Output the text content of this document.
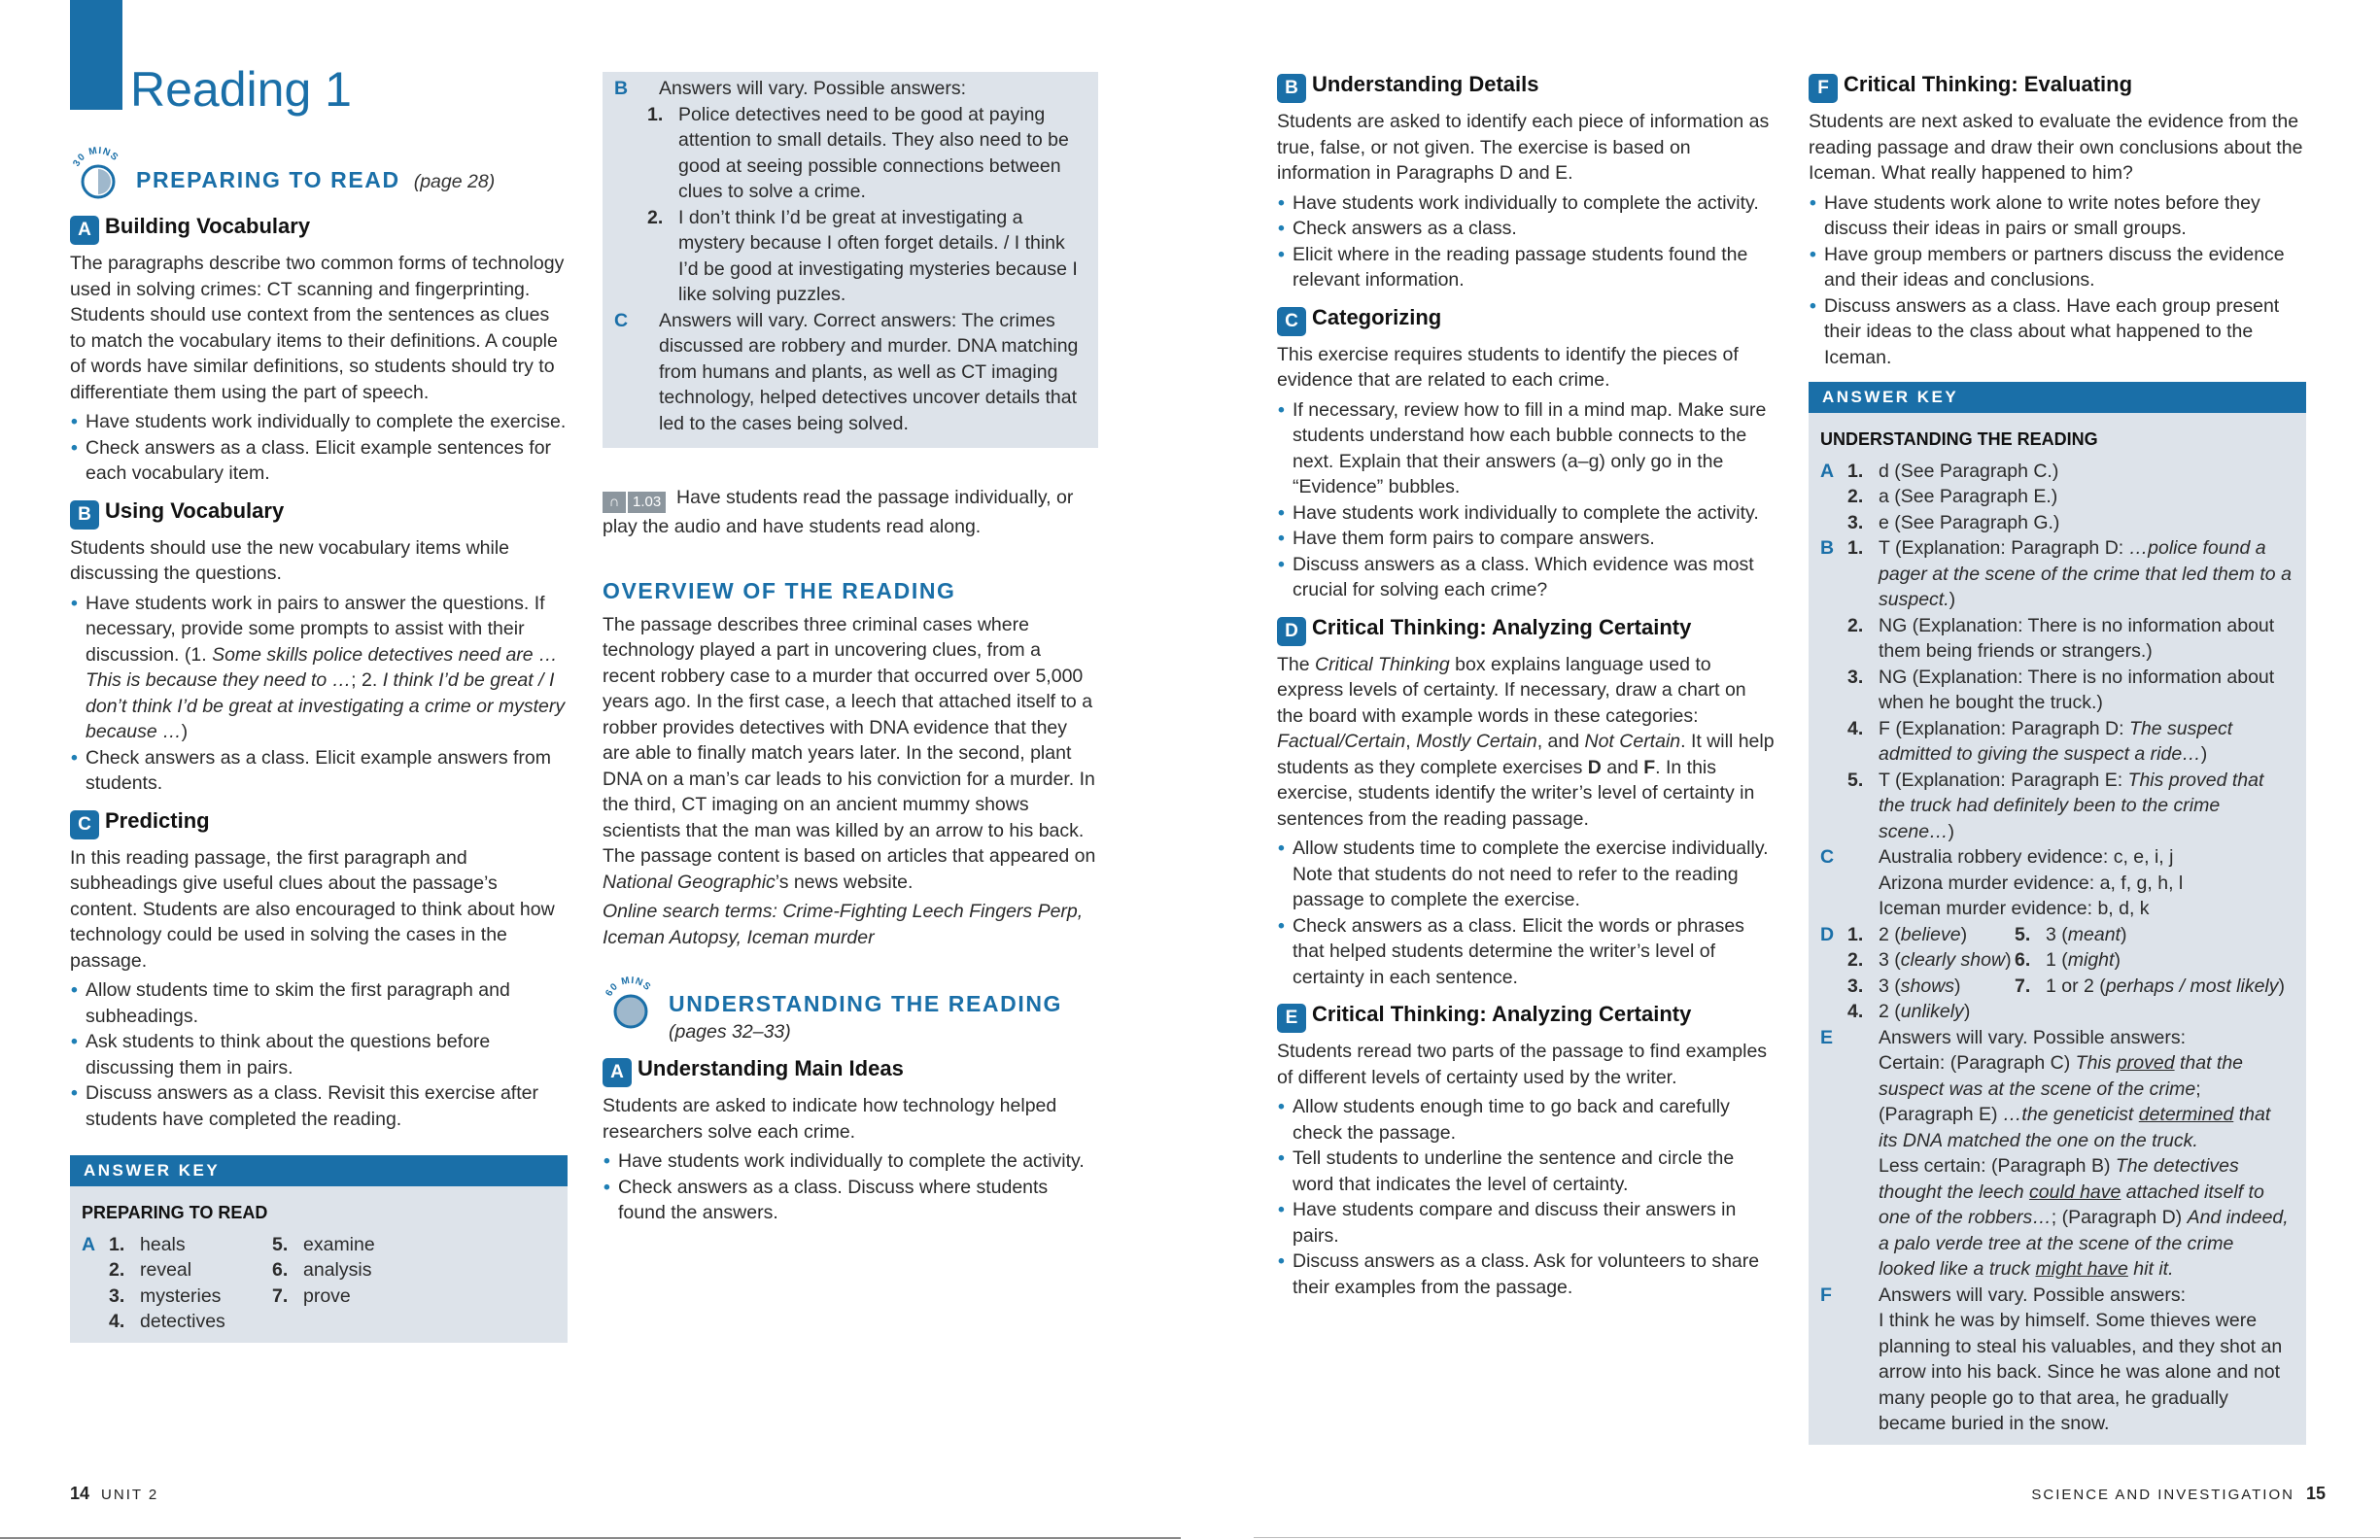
Reading 1
30 MINS
PREPARING TO READ (page 28)
A Building Vocabulary

The paragraphs describe two common forms of technology used in solving crimes: CT scanning and fingerprinting. Students should use context from the sentences as clues to match the vocabulary items to their definitions. A couple of words have similar definitions, so students should try to differentiate them using the part of speech.

• Have students work individually to complete the exercise.
• Check answers as a class. Elicit example sentences for each vocabulary item.
B Using Vocabulary

Students should use the new vocabulary items while discussing the questions.

• Have students work in pairs to answer the questions. If necessary, provide some prompts to assist with their discussion. (1. Some skills police detectives need are … This is because they need to …; 2. I think I’d be great / I don’t think I’d be great at investigating a crime or mystery because …)
• Check answers as a class. Elicit example answers from students.
C Predicting

In this reading passage, the first paragraph and subheadings give useful clues about the passage’s content. Students are also encouraged to think about how technology could be used in solving the cases in the passage.

• Allow students time to skim the first paragraph and subheadings.
• Ask students to think about the questions before discussing them in pairs.
• Discuss answers as a class. Revisit this exercise after students have completed the reading.
ANSWER KEY
PREPARING TO READ
A 1. heals
2. reveal
3. mysteries
4. detectives
5. examine
6. analysis
7. prove
B	Answers will vary. Possible answers:
1. Police detectives need to be good at paying attention to small details. They also need to be good at seeing possible connections between clues to solve a crime.
2. I don’t think I’d be great at investigating a mystery because I often forget details. / I think I’d be good at investigating mysteries because I like solving puzzles.
C	Answers will vary. Correct answers: The crimes discussed are robbery and murder. DNA matching from humans and plants, as well as CT imaging technology, helped detectives uncover details that led to the cases being solved.

∩ 1.03 Have students read the passage individually, or play the audio and have students read along.

OVERVIEW OF THE READING

The passage describes three criminal cases where technology played a part in uncovering clues, from a recent robbery case to a murder that occurred over 5,000 years ago. In the first case, a leech that attached itself to a robber provides detectives with DNA evidence that they are able to finally match years later. In the second, plant DNA on a man’s car leads to his conviction for a murder. In the third, CT imaging on an ancient mummy shows scientists that the man was killed by an arrow to his back. The passage content is based on articles that appeared on National Geographic’s news website.

Online search terms: Crime-Fighting Leech Fingers Perp, Iceman Autopsy, Iceman murder

60 MINS
UNDERSTANDING THE READING
(pages 32–33)
A Understanding Main Ideas

Students are asked to indicate how technology helped researchers solve each crime.

• Have students work individually to complete the activity.
• Check answers as a class. Discuss where students found the answers.
B Understanding Details

Students are asked to identify each piece of information as true, false, or not given. The exercise is based on information in Paragraphs D and E.

• Have students work individually to complete the activity.
• Check answers as a class.
• Elicit where in the reading passage students found the relevant information.
C Categorizing

This exercise requires students to identify the pieces of evidence that are related to each crime.

• If necessary, review how to fill in a mind map. Make sure students understand how each bubble connects to the next. Explain that their answers (a–g) only go in the “Evidence” bubbles.
• Have students work individually to complete the activity.
• Have them form pairs to compare answers.
• Discuss answers as a class. Which evidence was most crucial for solving each crime?
D Critical Thinking: Analyzing Certainty

The Critical Thinking box explains language used to express levels of certainty. If necessary, draw a chart on the board with example words in these categories: Factual/Certain, Mostly Certain, and Not Certain. It will help students as they complete exercises D and F. In this exercise, students identify the writer’s level of certainty in sentences from the reading passage.

• Allow students time to complete the exercise individually. Note that students do not need to refer to the reading passage to complete the exercise.
• Check answers as a class. Elicit the words or phrases that helped students determine the writer’s level of certainty in each sentence.
E Critical Thinking: Analyzing Certainty

Students reread two parts of the passage to find examples of different levels of certainty used by the writer.

• Allow students enough time to go back and carefully check the passage.
• Tell students to underline the sentence and circle the word that indicates the level of certainty.
• Have students compare and discuss their answers in pairs.
• Discuss answers as a class. Ask for volunteers to share their examples from the passage.
F Critical Thinking: Evaluating

Students are next asked to evaluate the evidence from the reading passage and draw their own conclusions about the Iceman. What really happened to him?

• Have students work alone to write notes before they discuss their ideas in pairs or small groups.
• Have group members or partners discuss the evidence and their ideas and conclusions.
• Discuss answers as a class. Have each group present their ideas to the class about what happened to the Iceman.
ANSWER KEY
UNDERSTANDING THE READING
A 1. d (See Paragraph C.)
2. a (See Paragraph E.)
3. e (See Paragraph G.)
B 1. T (Explanation: Paragraph D: …police found a pager at the scene of the crime that led them to a suspect.)
2. NG (Explanation: There is no information about them being friends or strangers.)
3. NG (Explanation: There is no information about when he bought the truck.)
4. F (Explanation: Paragraph D: The suspect admitted to giving the suspect a ride…)
5. T (Explanation: Paragraph E: This proved that the truck had definitely been to the crime scene…)
C	Australia robbery evidence: c, e, i, j
Arizona murder evidence: a, f, g, h, l
Iceman murder evidence: b, d, k
D 1. 2 (believe)
2. 3 (clearly show)
3. 3 (shows)
4. 2 (unlikely)
5. 3 (meant)
6. 1 (might)
7. 1 or 2 (perhaps / most likely)
E	Answers will vary. Possible answers:
Certain: (Paragraph C) This proved that the suspect was at the scene of the crime; (Paragraph E) …the geneticist determined that its DNA matched the one on the truck.
Less certain: (Paragraph B) The detectives thought the leech could have attached itself to one of the robbers…; (Paragraph D) And indeed, a palo verde tree at the scene of the crime looked like a truck might have hit it.
F	Answers will vary. Possible answers:
I think he was by himself. Some thieves were planning to steal his valuables, and they shot an arrow into his back. Since he was alone and not many people go to that area, he gradually became buried in the snow.
14 UNIT 2	SCIENCE AND INVESTIGATION 15
